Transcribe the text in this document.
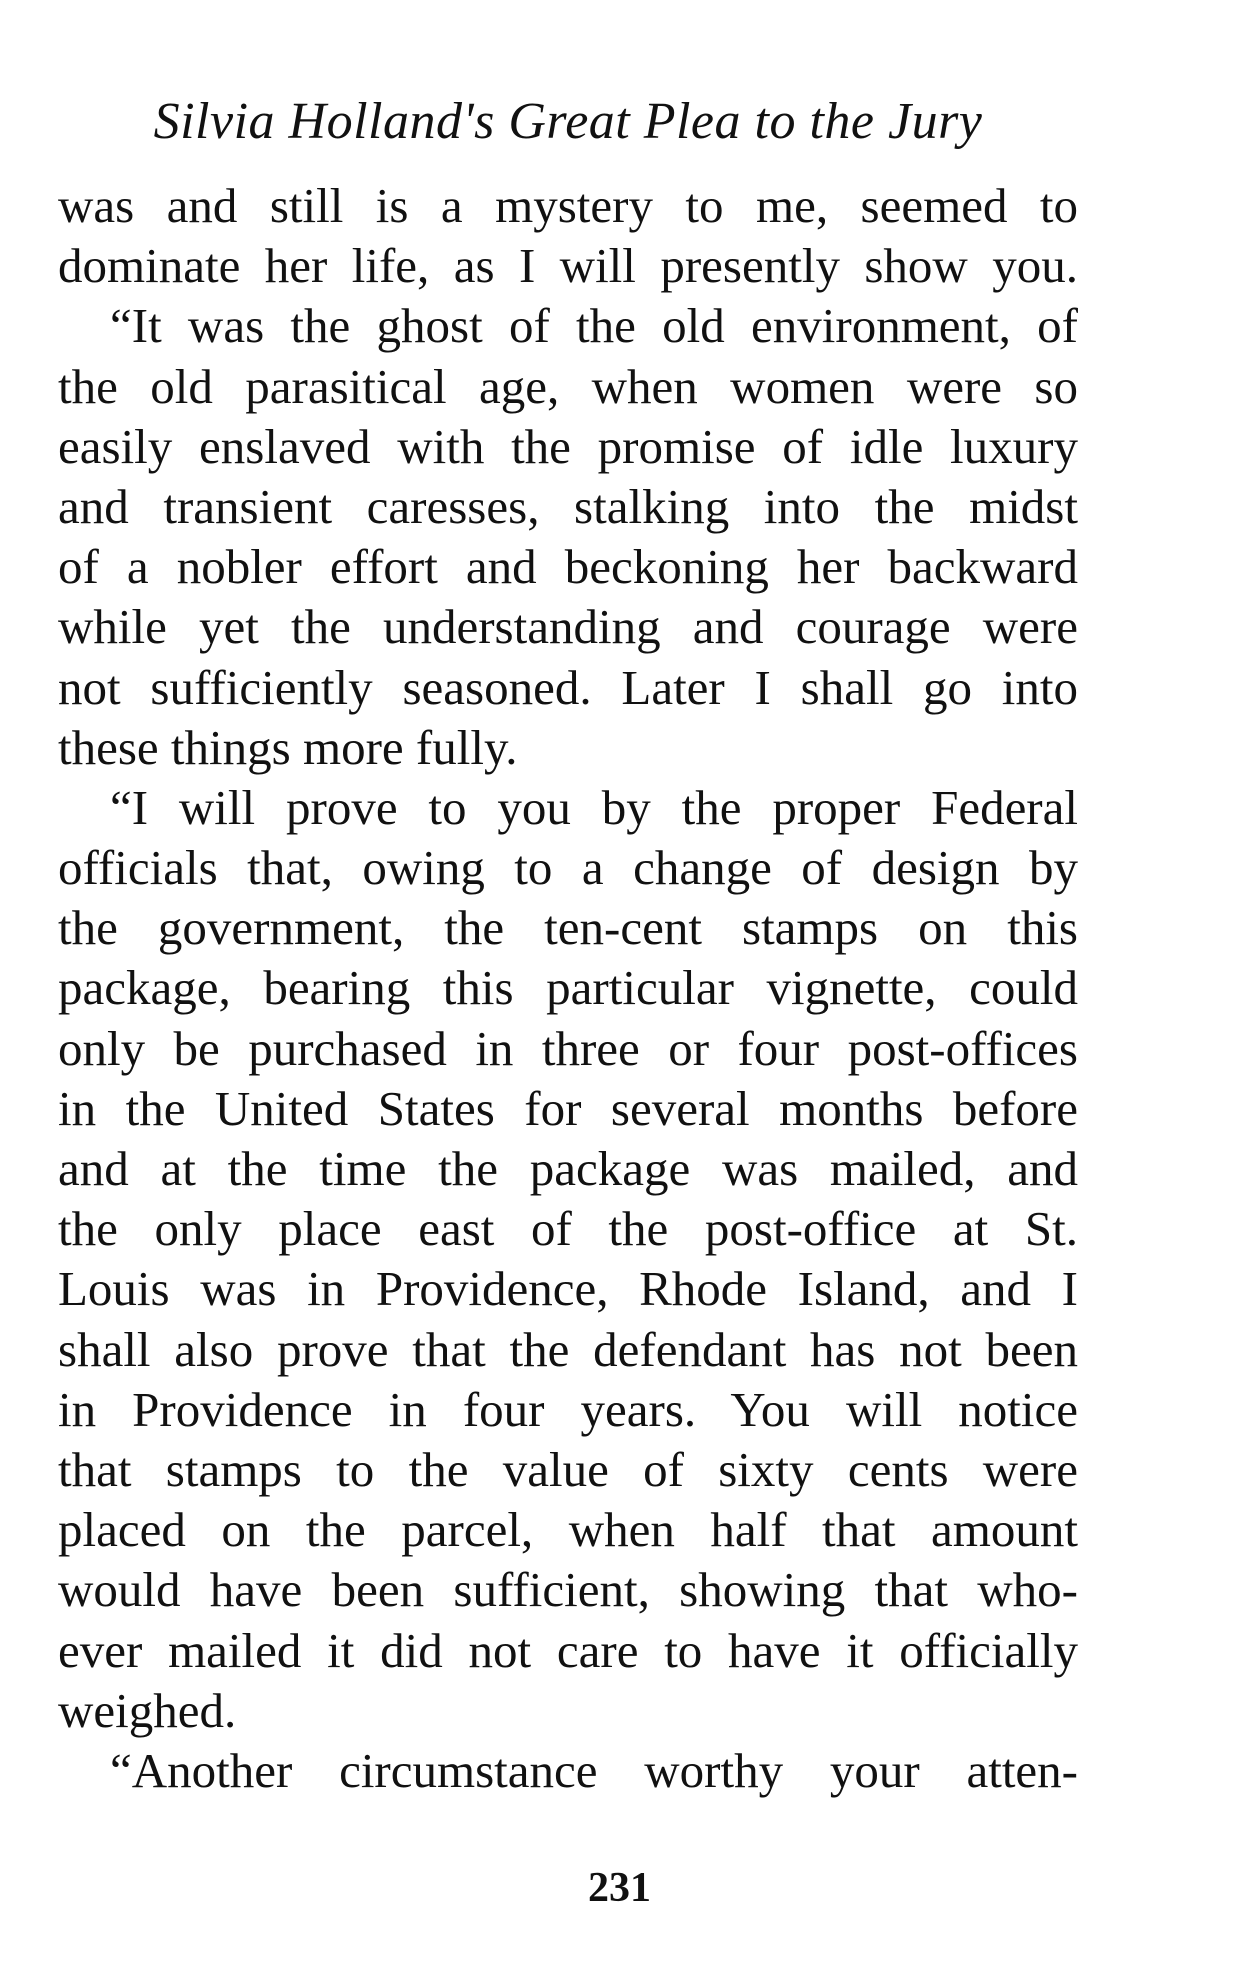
Silvia Holland's Great Plea to the Jury
was and still is a mystery to me, seemed to
dominate her life, as I will presently show you.
“It was the ghost of the old environment, of
the old parasitical age, when women were so
easily enslaved with the promise of idle luxury
and transient caresses, stalking into the midst
of a nobler effort and beckoning her backward
while yet the understanding and courage were
not sufficiently seasoned. Later I shall go into
these things more fully.
“I will prove to you by the proper Federal
officials that, owing to a change of design by
the government, the ten-cent stamps on this
package, bearing this particular vignette, could
only be purchased in three or four post-offices
in the United States for several months before
and at the time the package was mailed, and
the only place east of the post-office at St.
Louis was in Providence, Rhode Island, and I
shall also prove that the defendant has not been
in Providence in four years. You will notice
that stamps to the value of sixty cents were
placed on the parcel, when half that amount
would have been sufficient, showing that who-
ever mailed it did not care to have it officially
weighed.
“Another circumstance worthy your atten-
231
